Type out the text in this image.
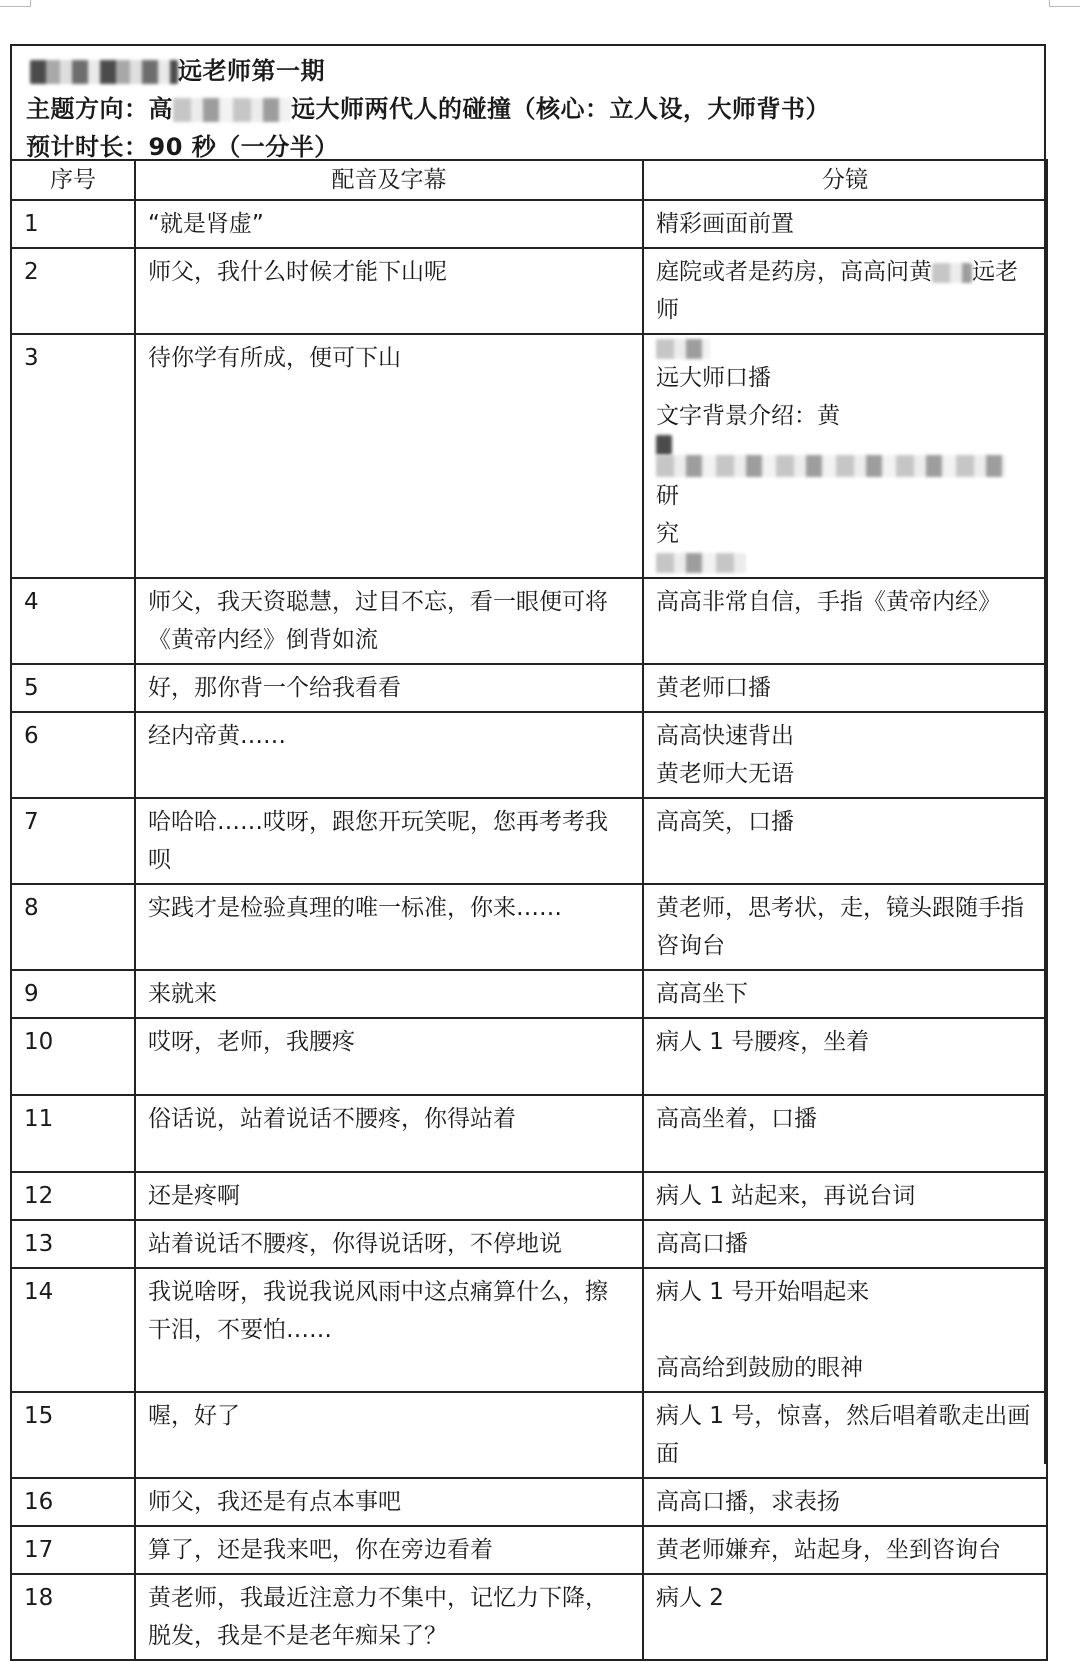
远老师第一期
主题方向：高	远大师两代人的碰撞（核心：立人设，大师背书）
预计时长：90 秒（一分半）
序号	配音及字幕	分镜
1	“就是肾虚”	精彩画面前置
2	师父，我什么时候才能下山呢	庭院或者是药房，高高问黄 远老师
3	待你学有所成，便可下山	远大师口播
文字背景介绍：黄
研
究

4	师父，我天资聪慧，过目不忘，看一眼便可将《黄帝内经》倒背如流	高高非常自信，手指《黄帝内经》
5	好，那你背一个给我看看	黄老师口播
6	经内帝黄……	高高快速背出
黄老师大无语

7	哈哈哈……哎呀，跟您开玩笑呢，您再考考我呗	高高笑，口播
8	实践才是检验真理的唯一标准，你来……	黄老师，思考状，走，镜头跟随手指咨询台
9	来就来	高高坐下
10	哎呀，老师，我腰疼	病人 1 号腰疼，坐着
11	俗话说，站着说话不腰疼，你得站着	高高坐着，口播
12	还是疼啊	病人 1 站起来，再说台词
13	站着说话不腰疼，你得说话呀，不停地说	高高口播
14	我说啥呀，我说我说风雨中这点痛算什么，擦干泪，不要怕……	病人 1 号开始唱起来
高高给到鼓励的眼神

15	喔，好了	病人 1 号，惊喜，然后唱着歌走出画面
16	师父，我还是有点本事吧	高高口播，求表扬
17	算了，还是我来吧，你在旁边看着	黄老师嫌弃，站起身，坐到咨询台
18	黄老师，我最近注意力不集中，记忆力下降，脱发，我是不是老年痴呆了？	病人 2
